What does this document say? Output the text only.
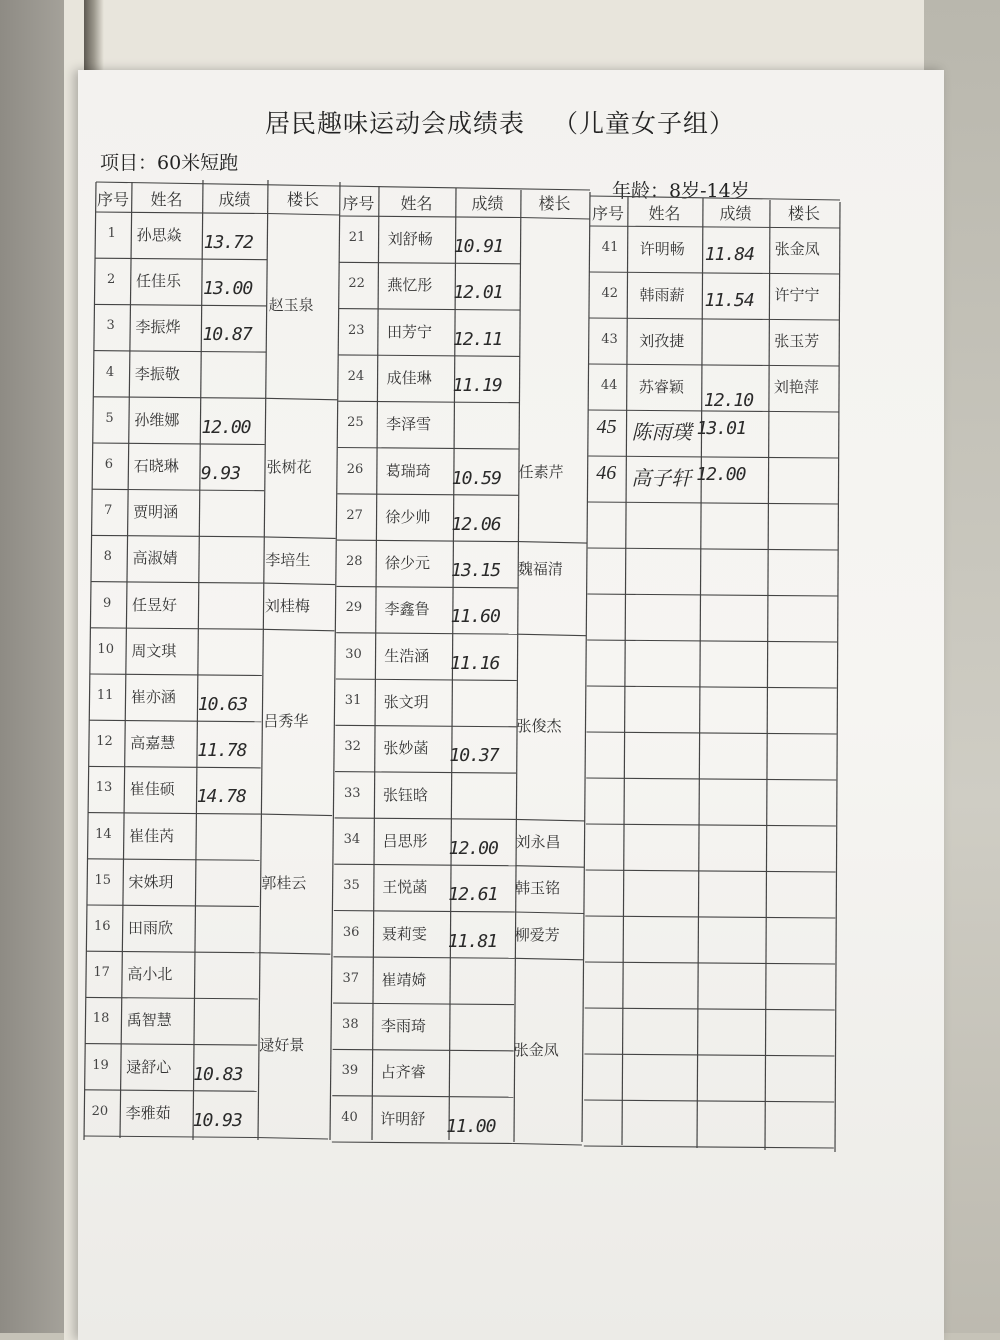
居民趣味运动会成绩表 （儿童女子组）
项目：60米短跑
年龄：8岁-14岁
序号 姓名 成绩 楼长 序号 姓名 成绩 楼长
序号 姓名 成绩 楼长
1 孙思焱 13.72
2 任佳乐 13.00
3 李振烨 10.87
4 李振敬
5 孙维娜 12.00
6 石晓琳 9.93
7 贾明涵
8 高淑婧
9 任昱好
10 周文琪
11 崔亦涵 10.63
12 高嘉慧 11.78
13 崔佳硕 14.78
14 崔佳芮
15 宋姝玥
16 田雨欣
17 高小北
18 禹智慧
19 逯舒心 10.83
20 李雅茹 10.93
赵玉泉
张树花
李培生
刘桂梅
吕秀华
郭桂云
逯好景
21 刘舒畅 10.91
22 燕忆彤 12.01
23 田芳宁 12.11
24 成佳琳 11.19
25 李泽雪
26 葛瑞琦 10.59
27 徐少帅 12.06
28 徐少元 13.15
29 李鑫鲁 11.60
30 生浩涵 11.16
31 张文玥
32 张妙菡 10.37
33 张钰晗
34 吕思彤 12.00
35 王悦菡 12.61
36 聂莉雯 11.81
37 崔靖婍
38 李雨琦
39 占齐睿
40 许明舒 11.00
任素芹
魏福清
张俊杰
刘永昌
韩玉铭
柳爱芳
张金凤
41 许明畅 11.84 张金凤
42 韩雨薪 11.54 许宁宁
43 刘孜捷	张玉芳
44 苏睿颖
12.10
刘艳萍
45 陈雨璞 13.01
46 高子轩 12.00
